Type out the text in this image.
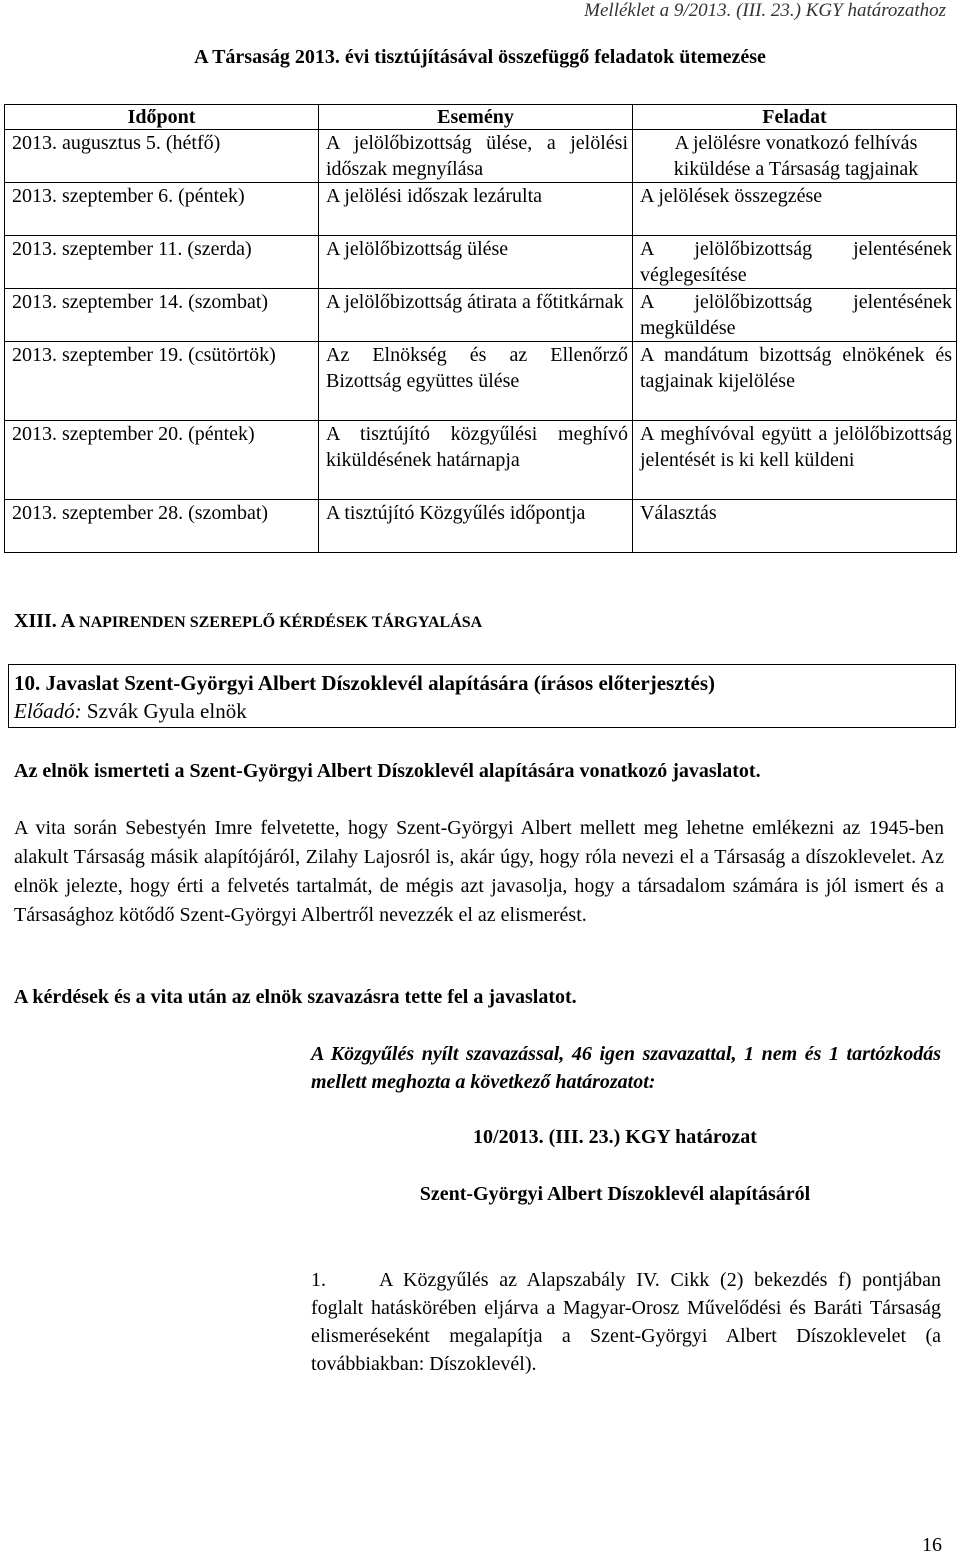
Melléklet a 9/2013. (III. 23.) KGY határozathoz
A Társaság 2013. évi tisztújításával összefüggő feladatok ütemezése
Időpont	Esemény	Feladat
2013. augusztus 5. (hétfő)	A jelölőbizottság ülése, a jelölési időszak megnyílása	A jelölésre vonatkozó felhívás kiküldése a Társaság tagjainak
2013. szeptember 6. (péntek)	A jelölési időszak lezárulta	A jelölések összegzése
2013. szeptember 11. (szerda)	A jelölőbizottság ülése	A jelölőbizottság jelentésének véglegesítése
2013. szeptember 14. (szombat)	A jelölőbizottság átirata a főtitkárnak	A jelölőbizottság jelentésének megküldése
2013. szeptember 19. (csütörtök)	Az Elnökség és az Ellenőrző Bizottság együttes ülése	A mandátum bizottság elnökének és tagjainak kijelölése
2013. szeptember 20. (péntek)	A tisztújító közgyűlési meghívó kiküldésének határnapja	A meghívóval együtt a jelölőbizottság jelentését is ki kell küldeni
2013. szeptember 28. (szombat)	A tisztújító Közgyűlés időpontja	Választás
XIII. A NAPIRENDEN SZEREPLŐ KÉRDÉSEK TÁRGYALÁSA
10. Javaslat Szent-Györgyi Albert Díszoklevél alapítására (írásos előterjesztés)
Előadó: Szvák Gyula elnök
Az elnök ismerteti a Szent-Györgyi Albert Díszoklevél alapítására vonatkozó javaslatot.
A vita során Sebestyén Imre felvetette, hogy Szent-Györgyi Albert mellett meg lehetne emlékezni az 1945-ben alakult Társaság másik alapítójáról, Zilahy Lajosról is, akár úgy, hogy róla nevezi el a Társaság a díszoklevelet. Az elnök jelezte, hogy érti a felvetés tartalmát, de mégis azt javasolja, hogy a társadalom számára is jól ismert és a Társasághoz kötődő Szent-Györgyi Albertről nevezzék el az elismerést.
A kérdések és a vita után az elnök szavazásra tette fel a javaslatot.
A Közgyűlés nyílt szavazással, 46 igen szavazattal, 1 nem és 1 tartózkodás mellett meghozta a következő határozatot:
10/2013. (III. 23.) KGY határozat
Szent-Györgyi Albert Díszoklevél alapításáról
1.	A Közgyűlés az Alapszabály IV. Cikk (2) bekezdés f) pontjában foglalt hatáskörében eljárva a Magyar-Orosz Művelődési és Baráti Társaság elismeréseként megalapítja a Szent-Györgyi Albert Díszoklevelet (a továbbiakban: Díszoklevél).
16
